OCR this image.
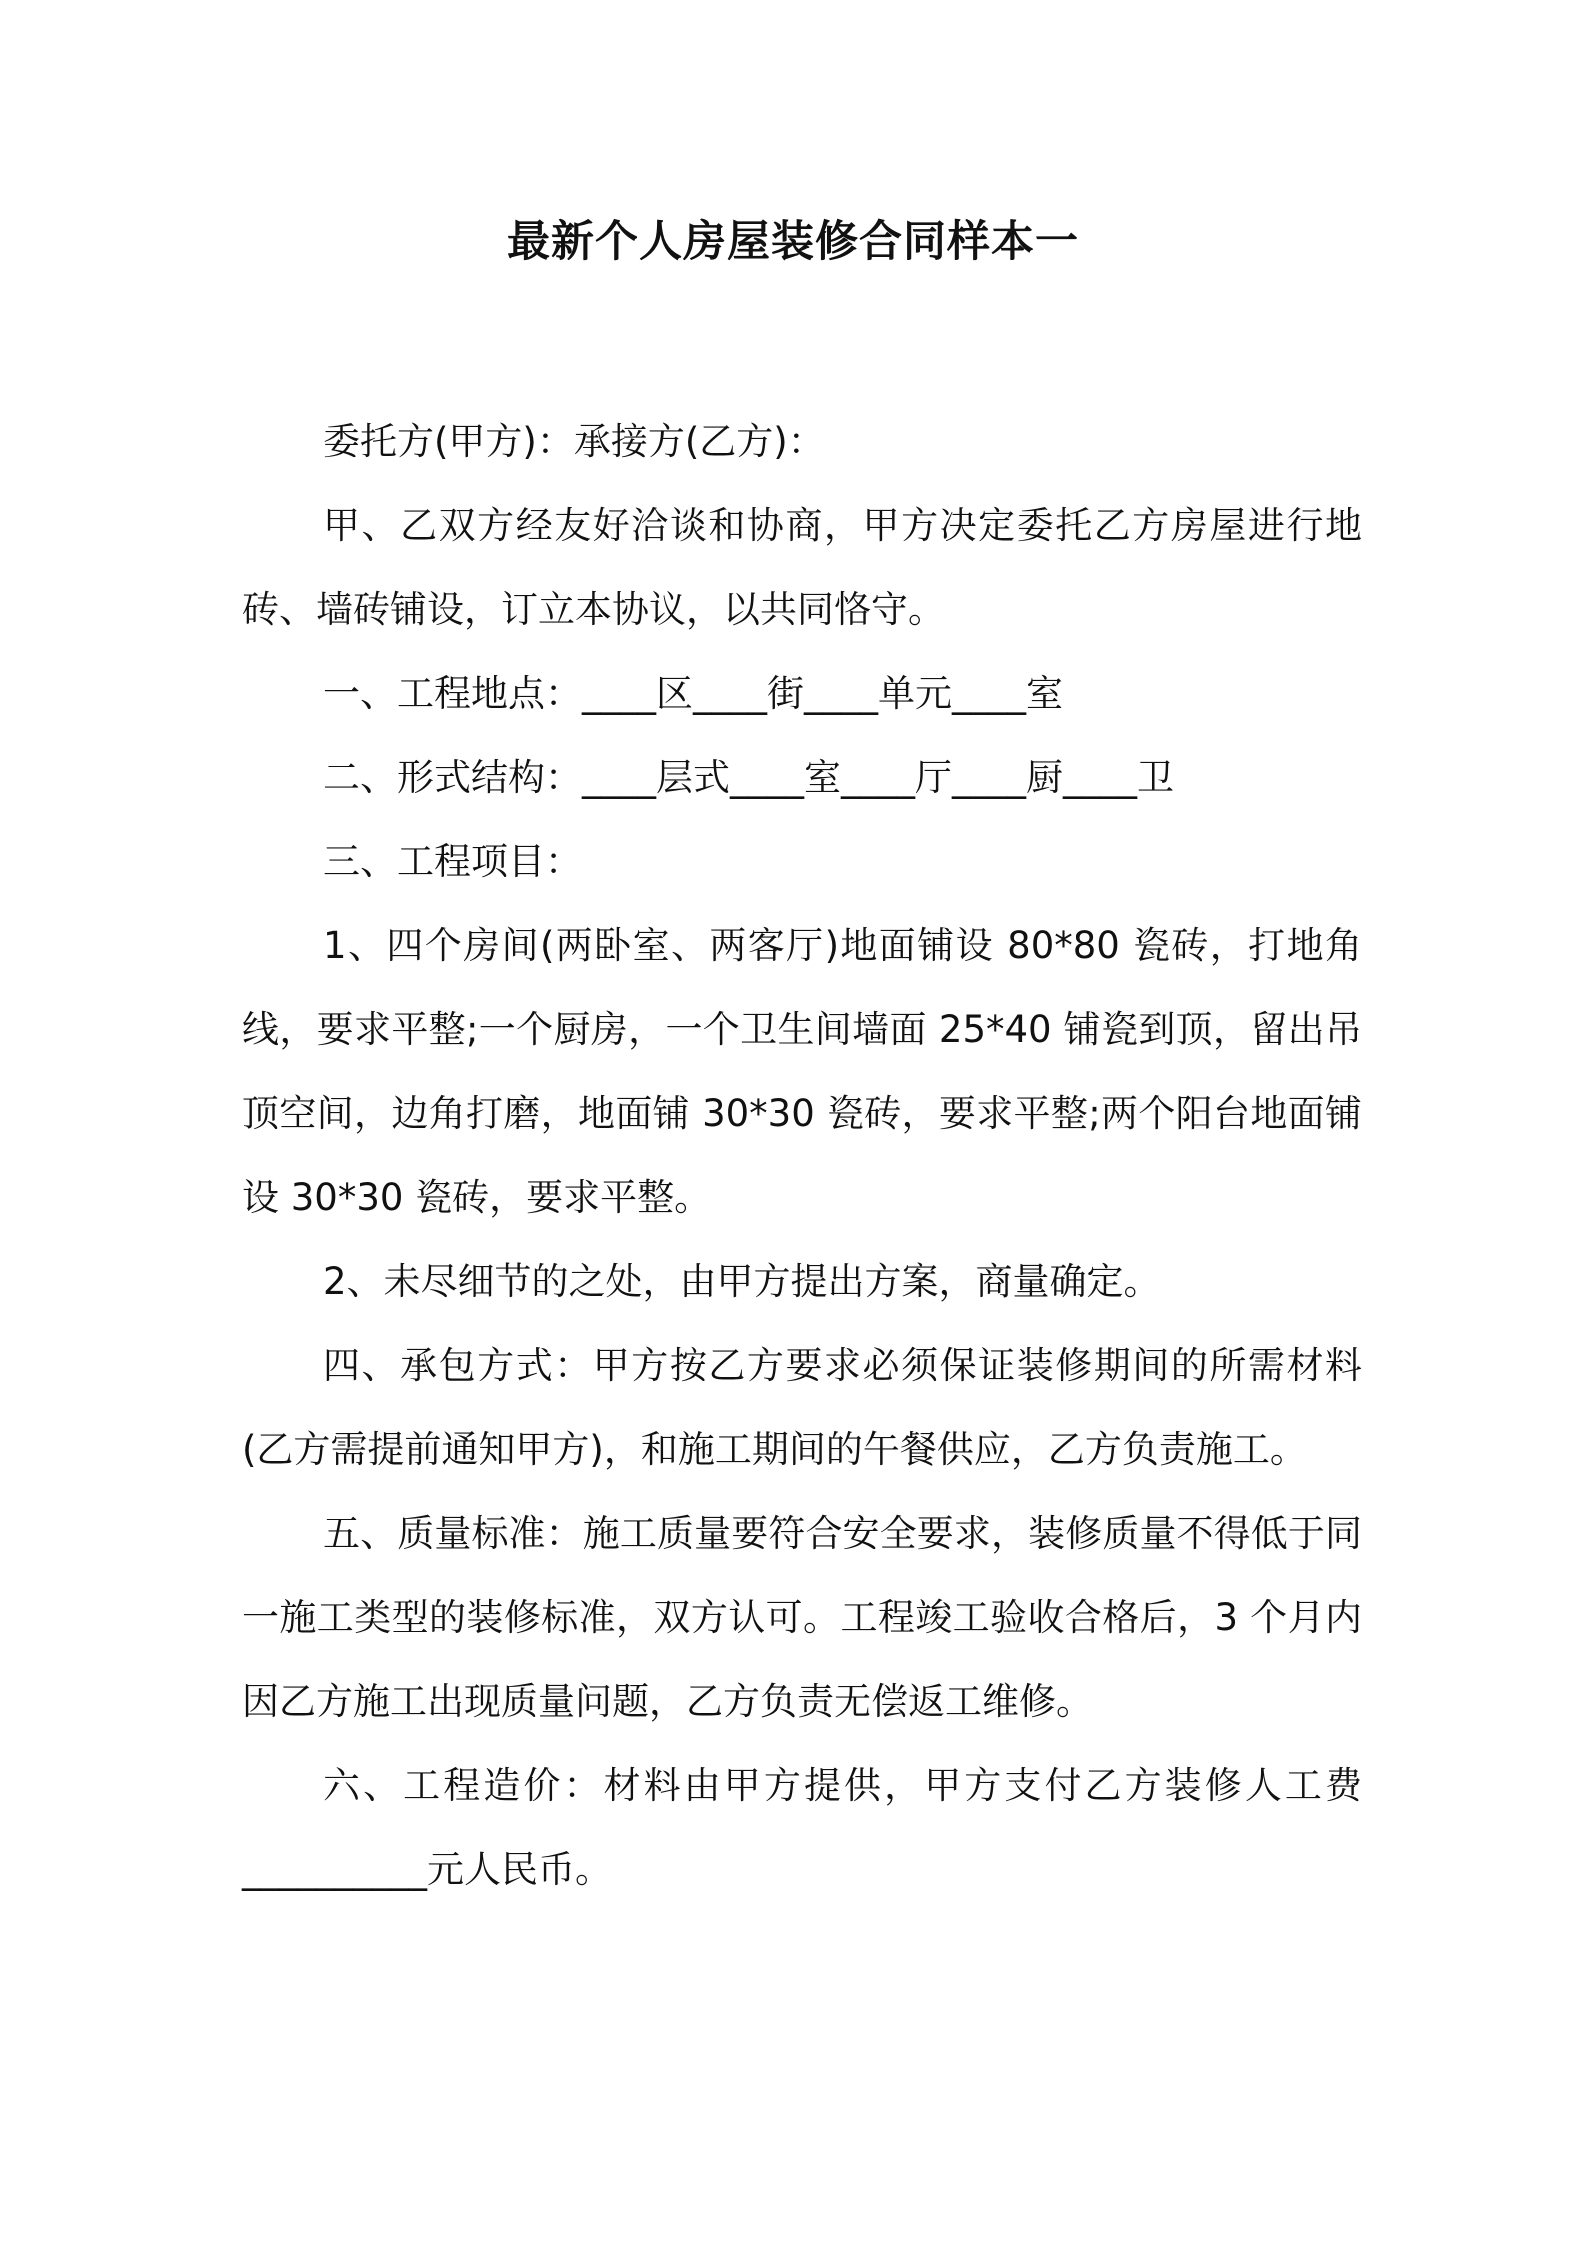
最新个人房屋装修合同样本一

委托方(甲方)：承接方(乙方)：

甲、乙双方经友好洽谈和协商，甲方决定委托乙方房屋进行地砖、墙砖铺设，订立本协议，以共同恪守。

一、工程地点：____区____街____单元____室

二、形式结构：____层式____室____厅____厨____卫

三、工程项目：

1、四个房间(两卧室、两客厅)地面铺设 80*80 瓷砖，打地角线，要求平整;一个厨房，一个卫生间墙面 25*40 铺瓷到顶，留出吊顶空间，边角打磨，地面铺 30*30 瓷砖，要求平整;两个阳台地面铺设 30*30 瓷砖，要求平整。

2、未尽细节的之处，由甲方提出方案，商量确定。

四、承包方式：甲方按乙方要求必须保证装修期间的所需材料(乙方需提前通知甲方)，和施工期间的午餐供应，乙方负责施工。

五、质量标准：施工质量要符合安全要求，装修质量不得低于同一施工类型的装修标准，双方认可。工程竣工验收合格后，3 个月内因乙方施工出现质量问题，乙方负责无偿返工维修。

六、工程造价：材料由甲方提供，甲方支付乙方装修人工费__________元人民币。
